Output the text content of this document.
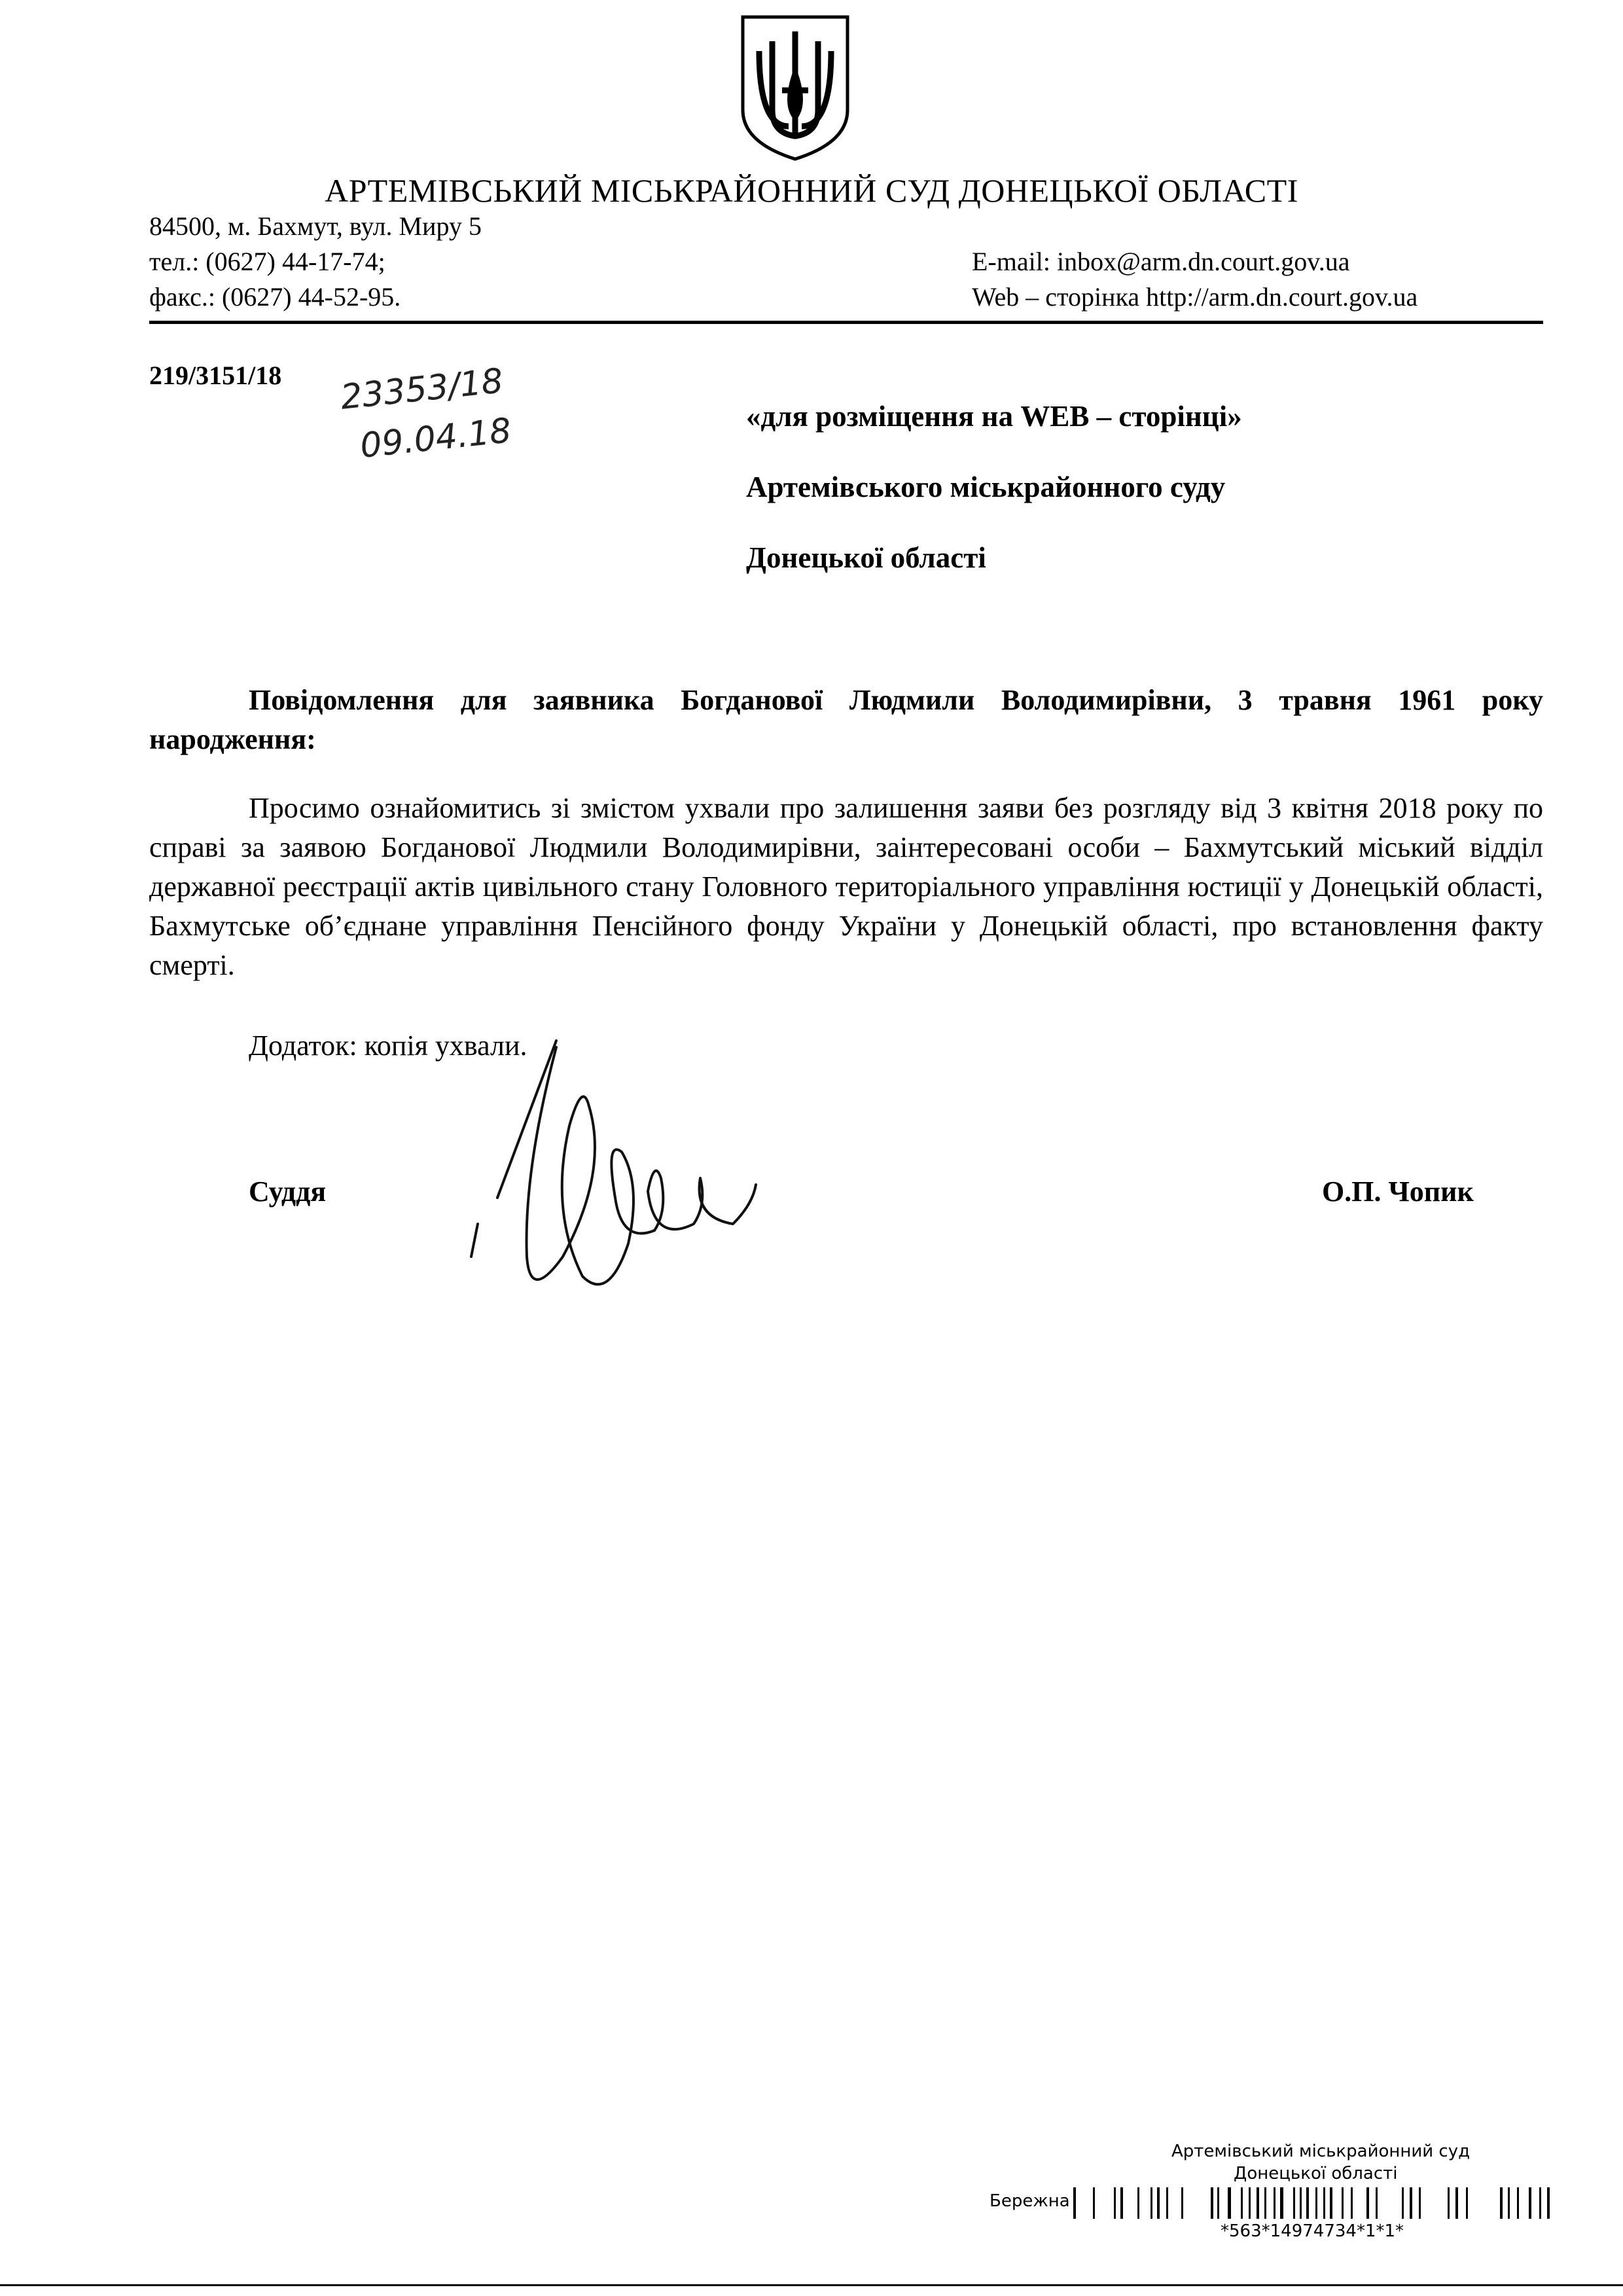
АРТЕМІВСЬКИЙ МІСЬКРАЙОННИЙ СУД ДОНЕЦЬКОЇ ОБЛАСТІ
84500, м. Бахмут, вул. Миру 5
тел.: (0627) 44-17-74;
факс.: (0627) 44-52-95.
E-mail: inbox@arm.dn.court.gov.ua
Web – сторінка http://arm.dn.court.gov.ua
219/3151/18 23353/18
09.04.18	«для розміщення на WEB – сторінці»
Артемівського міськрайонного суду
Донецької області
Повідомлення для заявника Богданової Людмили Володимирівни, 3 травня 1961 року народження:
Просимо ознайомитись зі змістом ухвали про залишення заяви без розгляду від 3 квітня 2018 року по справі за заявою Богданової Людмили Володимирівни, заінтересовані особи – Бахмутський міський відділ державної реєстрації актів цивільного стану Головного територіального управління юстиції у Донецькій області, Бахмутське об’єднане управління Пенсійного фонду України у Донецькій області, про встановлення факту смерті.
Додаток: копія ухвали.
Суддя	О.П. Чопик
Артемівський міськрайонний суд
Донецької області
Бережна
*563*14974734*1*1*
